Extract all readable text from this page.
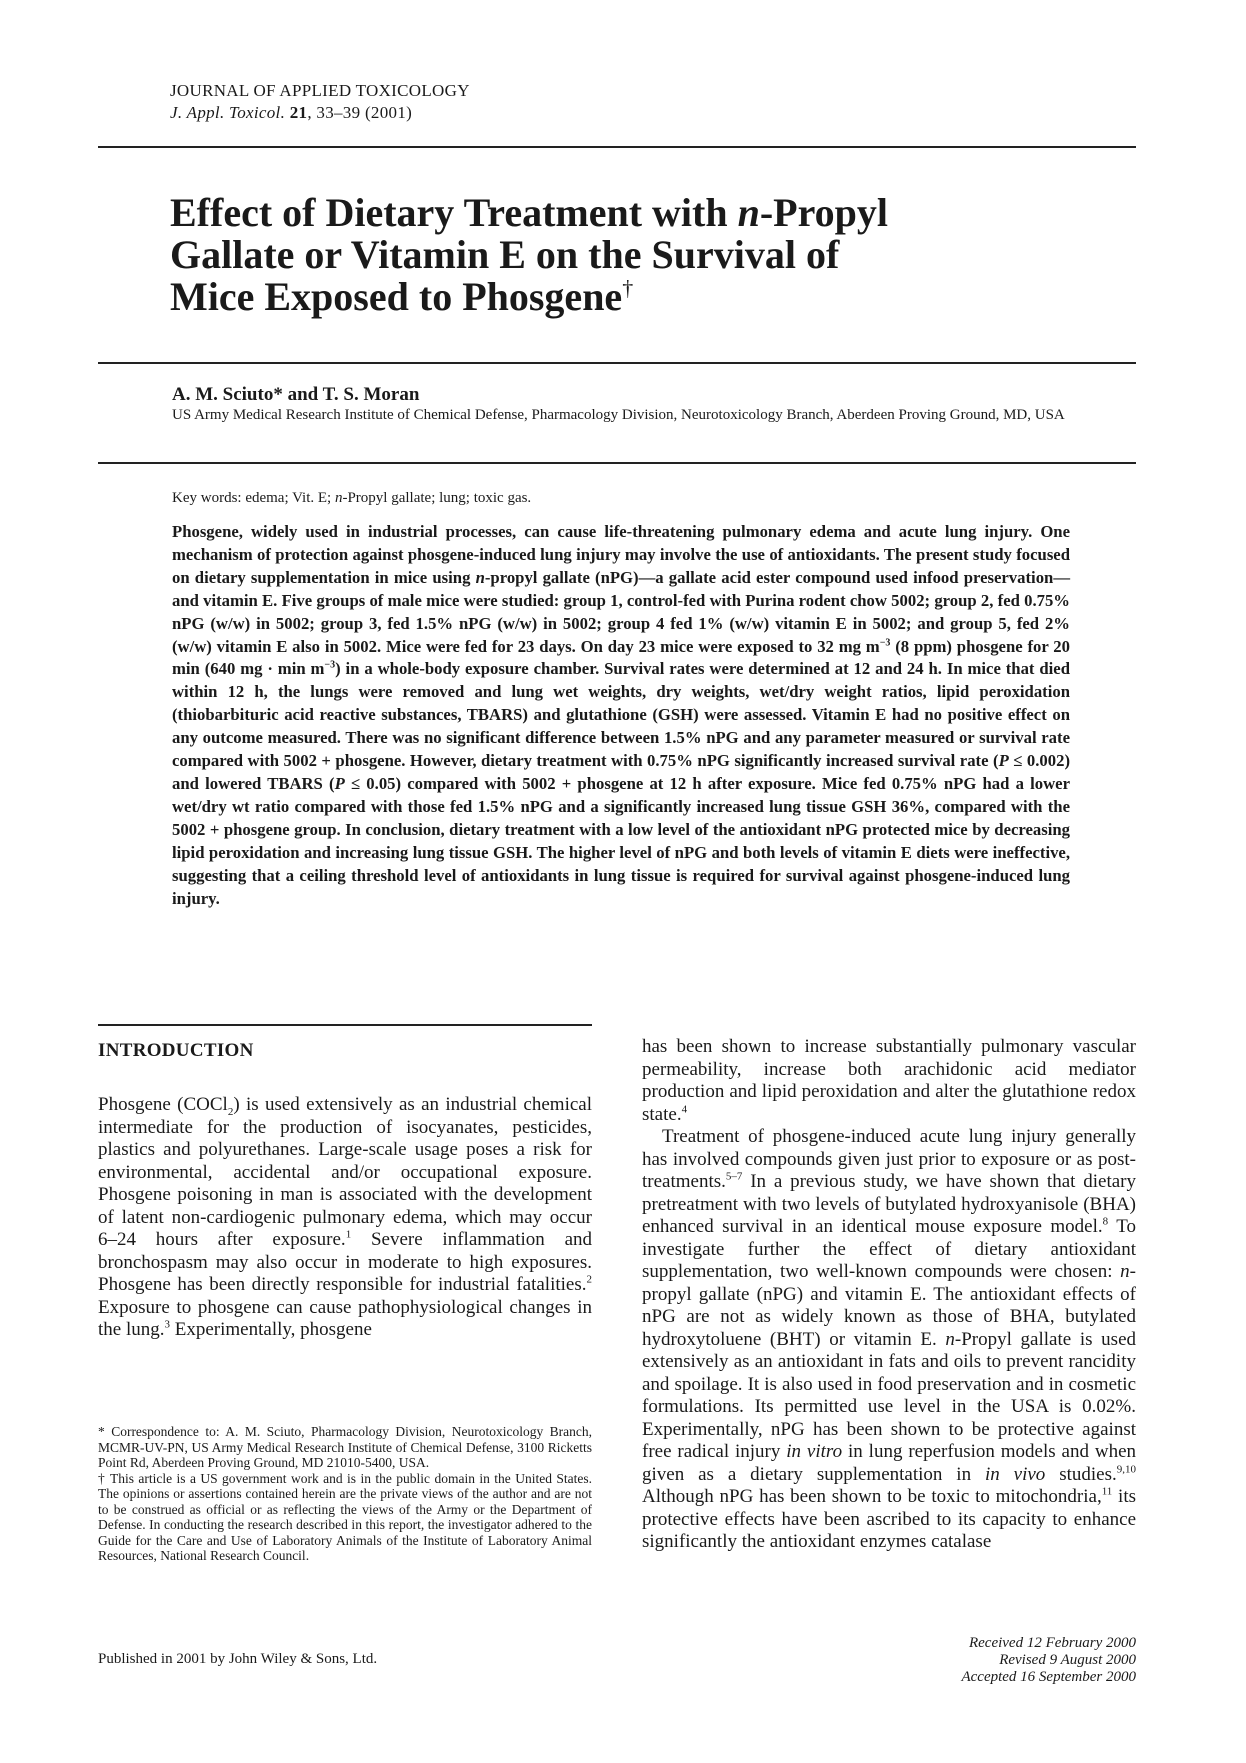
JOURNAL OF APPLIED TOXICOLOGY
J. Appl. Toxicol. 21, 33–39 (2001)
Effect of Dietary Treatment with n-Propyl
Gallate or Vitamin E on the Survival of
Mice Exposed to Phosgene†
A. M. Sciuto* and T. S. Moran
US Army Medical Research Institute of Chemical Defense, Pharmacology Division, Neurotoxicology Branch, Aberdeen Proving Ground, MD, USA
Key words: edema; Vit. E; n-Propyl gallate; lung; toxic gas.

Phosgene, widely used in industrial processes, can cause life-threatening pulmonary edema and acute lung injury. One mechanism of protection against phosgene-induced lung injury may involve the use of antioxidants. The present study focused on dietary supplementation in mice using n-propyl gallate (nPG)—a gallate acid ester compound used infood preservation—and vitamin E. Five groups of male mice were studied: group 1, control-fed with Purina rodent chow 5002; group 2, fed 0.75% nPG (w/w) in 5002; group 3, fed 1.5% nPG (w/w) in 5002; group 4 fed 1% (w/w) vitamin E in 5002; and group 5, fed 2% (w/w) vitamin E also in 5002. Mice were fed for 23 days. On day 23 mice were exposed to 32 mg $m^{-3}$ (8 ppm) phosgene for 20 min (640 mg · $\min m^{-3}$) in a whole-body exposure chamber. Survival rates were determined at 12 and 24 h. In mice that died within 12 h, the lungs were removed and lung wet weights, dry weights, wet/dry weight ratios, lipid peroxidation (thiobarbituric acid reactive substances, TBARS) and glutathione (GSH) were assessed. Vitamin E had no positive effect on any outcome measured. There was no significant difference between 1.5% nPG and any parameter measured or survival rate compared with 5002 + phosgene. However, dietary treatment with 0.75% nPG significantly increased survival rate (P ≤ 0.002) and lowered TBARS (P ≤ 0.05) compared with 5002 + phosgene at 12 h after exposure. Mice fed 0.75% nPG had a lower wet/dry wt ratio compared with those fed 1.5% nPG and a significantly increased lung tissue GSH 36%, compared with the 5002 + phosgene group. In conclusion, dietary treatment with a low level of the antioxidant nPG protected mice by decreasing lipid peroxidation and increasing lung tissue GSH. The higher level of nPG and both levels of vitamin E diets were ineffective, suggesting that a ceiling threshold level of antioxidants in lung tissue is required for survival against phosgene-induced lung injury.

INTRODUCTION

Phosgene (COCl$_2$) is used extensively as an industrial chemical intermediate for the production of isocyanates, pesticides, plastics and polyurethanes. Large-scale usage poses a risk for environmental, accidental and/or occupational exposure. Phosgene poisoning in man is associated with the development of latent non-cardiogenic pulmonary edema, which may occur 6–24 hours after exposure.$^1$ Severe inflammation and bronchospasm may also occur in moderate to high exposures. Phosgene has been directly responsible for industrial fatalities.$^2$ Exposure to phosgene can cause pathophysiological changes in the lung.$^3$ Experimentally, phosgene

* Correspondence to: A. M. Sciuto, Pharmacology Division, Neurotoxicology Branch, MCMR-UV-PN, US Army Medical Research Institute of Chemical Defense, 3100 Ricketts Point Rd, Aberdeen Proving Ground, MD 21010-5400, USA.

† This article is a US government work and is in the public domain in the United States. The opinions or assertions contained herein are the private views of the author and are not to be construed as official or as reflecting the views of the Army or the Department of Defense. In conducting the research described in this report, the investigator adhered to the Guide for the Care and Use of Laboratory Animals of the Institute of Laboratory Animal Resources, National Research Council.

has been shown to increase substantially pulmonary vascular permeability, increase both arachidonic acid mediator production and lipid peroxidation and alter the glutathione redox state.$^4$

Treatment of phosgene-induced acute lung injury generally has involved compounds given just prior to exposure or as post-treatments.$^{5-7}$ In a previous study, we have shown that dietary pretreatment with two levels of butylated hydroxyanisole (BHA) enhanced survival in an identical mouse exposure model.$^8$ To investigate further the effect of dietary antioxidant supplementation, two well-known compounds were chosen: n-propyl gallate (nPG) and vitamin E. The antioxidant effects of nPG are not as widely known as those of BHA, butylated hydroxytoluene (BHT) or vitamin E. n-Propyl gallate is used extensively as an antioxidant in fats and oils to prevent rancidity and spoilage. It is also used in food preservation and in cosmetic formulations. Its permitted use level in the USA is 0.02%. Experimentally, nPG has been shown to be protective against free radical injury in vitro in lung reperfusion models and when given as a dietary supplementation in in vivo studies.$^{9,10}$ Although nPG has been shown to be toxic to mitochondria,$^{11}$ its protective effects have been ascribed to its capacity to enhance significantly the antioxidant enzymes catalase

Published in 2001 by John Wiley & Sons, Ltd.
Received 12 February 2000
Revised 9 August 2000
Accepted 16 September 2000
